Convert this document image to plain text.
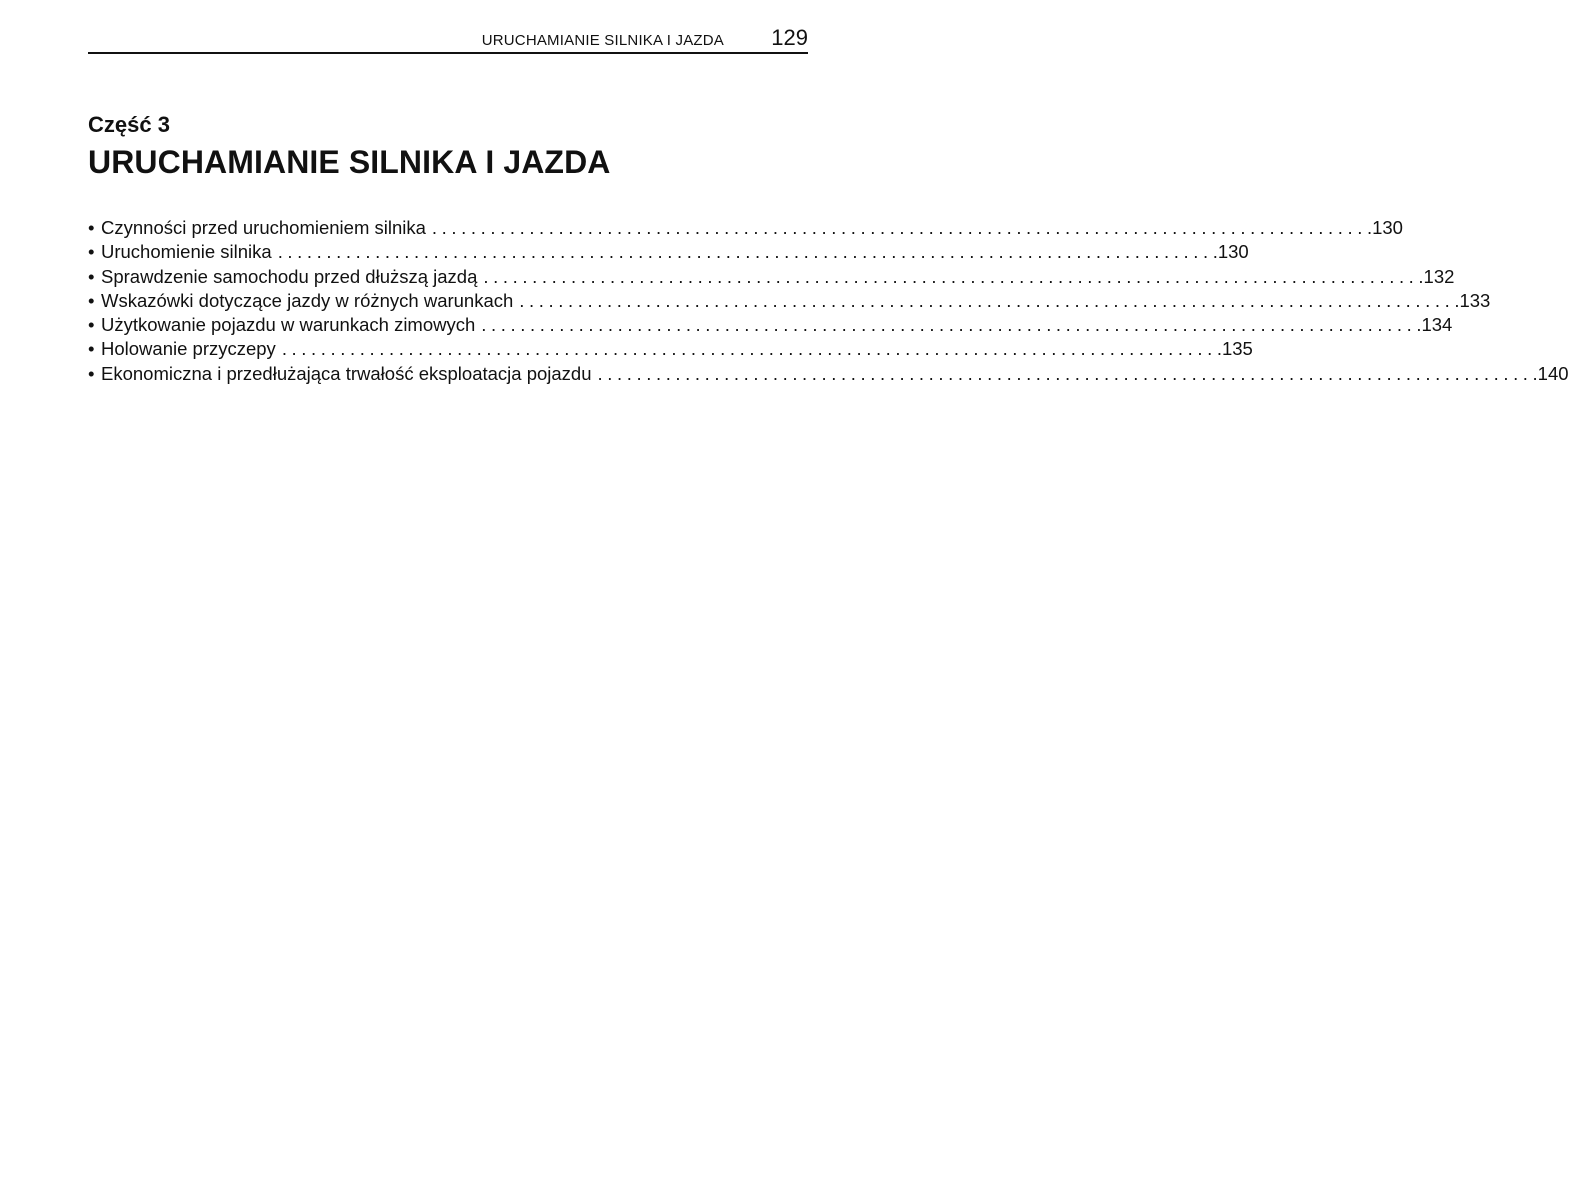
URUCHAMIANIE SILNIKA I JAZDA 129
Część 3
URUCHAMIANIE SILNIKA I JAZDA
• Czynności przed uruchomieniem silnika ................................................................................................ .130
• Uruchomienie silnika ................................................................................................ .130
• Sprawdzenie samochodu przed dłuższą jazdą ................................................................................................ .132
• Wskazówki dotyczące jazdy w różnych warunkach ................................................................................................ .133
• Użytkowanie pojazdu w warunkach zimowych ................................................................................................ .134
• Holowanie przyczepy ................................................................................................ .135
• Ekonomiczna i przedłużająca trwałość eksploatacja pojazdu ................................................................................................ .140
